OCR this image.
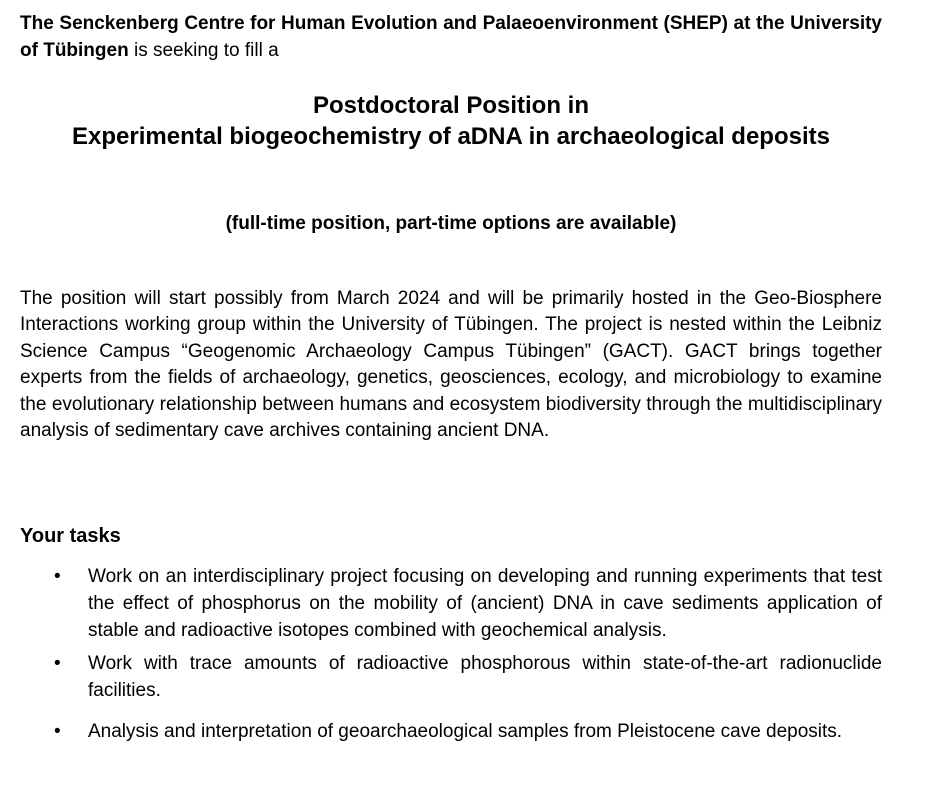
The Senckenberg Centre for Human Evolution and Palaeoenvironment (SHEP) at the University of Tübingen is seeking to fill a

Postdoctoral Position in
Experimental biogeochemistry of aDNA in archaeological deposits

(full-time position, part-time options are available)

The position will start possibly from March 2024 and will be primarily hosted in the Geo-Biosphere Interactions working group within the University of Tübingen. The project is nested within the Leibniz Science Campus “Geogenomic Archaeology Campus Tübingen” (GACT). GACT brings together experts from the fields of archaeology, genetics, geosciences, ecology, and microbiology to examine the evolutionary relationship between humans and ecosystem biodiversity through the multidisciplinary analysis of sedimentary cave archives containing ancient DNA.

Your tasks
• Work on an interdisciplinary project focusing on developing and running experiments that test the effect of phosphorus on the mobility of (ancient) DNA in cave sediments application of stable and radioactive isotopes combined with geochemical analysis.
• Work with trace amounts of radioactive phosphorous within state-of-the-art radionuclide facilities.
• Analysis and interpretation of geoarchaeological samples from Pleistocene cave deposits.
